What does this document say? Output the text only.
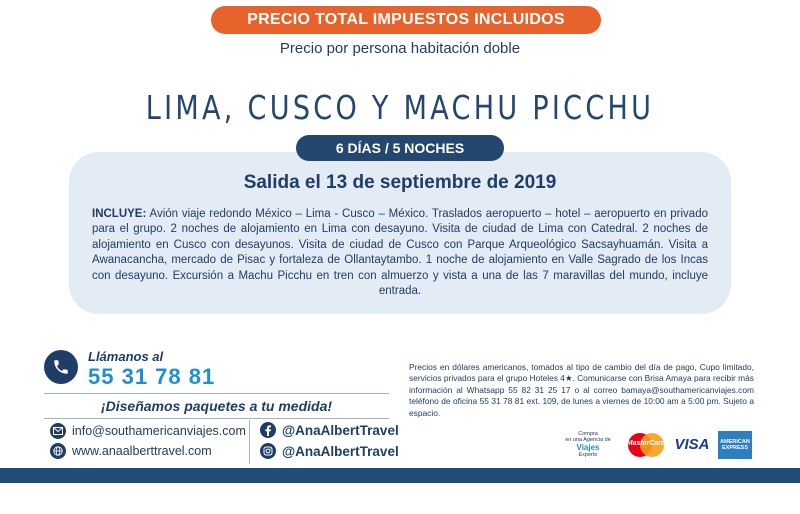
PRECIO TOTAL IMPUESTOS INCLUIDOS
Precio por persona habitación doble
LIMA, CUSCO Y MACHU PICCHU
6 DÍAS / 5 NOCHES
Salida el 13 de septiembre de 2019
INCLUYE: Avión viaje redondo México – Lima - Cusco – México. Traslados aeropuerto – hotel – aeropuerto en privado para el grupo. 2 noches de alojamiento en Lima con desayuno. Visita de ciudad de Lima con Catedral. 2 noches de alojamiento en Cusco con desayunos. Visita de ciudad de Cusco con Parque Arqueológico Sacsayhuamán. Visita a Awanacancha, mercado de Pisac y fortaleza de Ollantaytambo. 1 noche de alojamiento en Valle Sagrado de los Incas con desayuno. Excursión a Machu Picchu en tren con almuerzo y vista a una de las 7 maravillas del mundo, incluye entrada.
Llámanos al
55 31 78 81
¡Diseñamos paquetes a tu medida!
info@southamericanviajes.com
www.anaalberttravel.com
@AnaAlbertTravel
@AnaAlbertTravel
Precios en dólares americanos, tomados al tipo de cambio del día de pago, Cupo limitado, servicios privados para el grupo Hoteles 4★. Comunicarse con Brisa Amaya para recibir más información al Whatsapp 55 82 31 25 17 o al correo bamaya@southamericanviajes.com teléfono de oficina 55 31 78 81 ext. 109, de lunes a viernes de 10:00 am a 5:00 pm. Sujeto a espacio.
Compra
en una Agencia de
Viajes
Experto
MasterCard VISA AMERICAN
EXPRESS
